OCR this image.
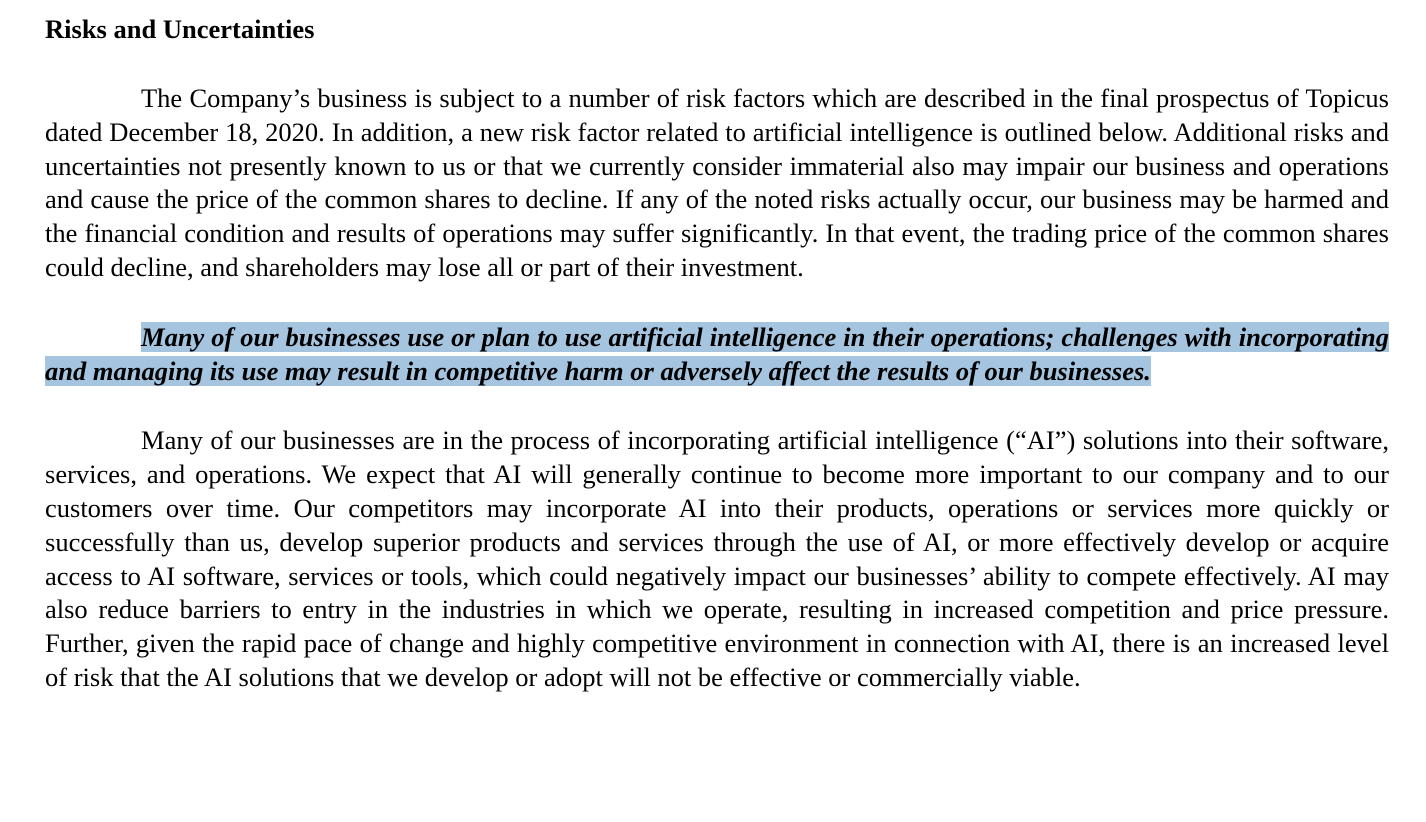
Risks and Uncertainties

The Company’s business is subject to a number of risk factors which are described in the final prospectus of Topicus dated December 18, 2020. In addition, a new risk factor related to artificial intelligence is outlined below. Additional risks and uncertainties not presently known to us or that we currently consider immaterial also may impair our business and operations and cause the price of the common shares to decline. If any of the noted risks actually occur, our business may be harmed and the financial condition and results of operations may suffer significantly. In that event, the trading price of the common shares could decline, and shareholders may lose all or part of their investment.

Many of our businesses use or plan to use artificial intelligence in their operations; challenges with incorporating and managing its use may result in competitive harm or adversely affect the results of our businesses.

Many of our businesses are in the process of incorporating artificial intelligence (“AI”) solutions into their software, services, and operations. We expect that AI will generally continue to become more important to our company and to our customers over time. Our competitors may incorporate AI into their products, operations or services more quickly or successfully than us, develop superior products and services through the use of AI, or more effectively develop or acquire access to AI software, services or tools, which could negatively impact our businesses’ ability to compete effectively. AI may also reduce barriers to entry in the industries in which we operate, resulting in increased competition and price pressure. Further, given the rapid pace of change and highly competitive environment in connection with AI, there is an increased level of risk that the AI solutions that we develop or adopt will not be effective or commercially viable.
